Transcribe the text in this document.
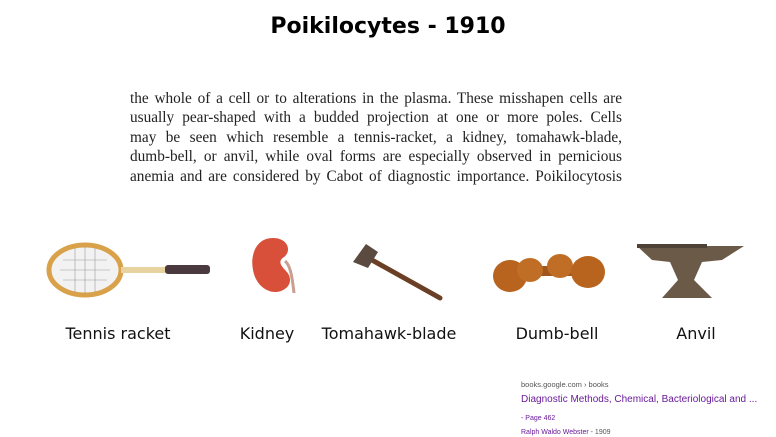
Poikilocytes - 1910
the whole of a cell or to alterations in the plasma. These misshapen cells are
usually pear-shaped with a budded projection at one or more poles. Cells
may be seen which resemble a tennis-racket, a kidney, tomahawk-blade,
dumb-bell, or anvil, while oval forms are especially observed in pernicious
anemia and are considered by Cabot of diagnostic importance. Poikilocytosis
Tennis racket	Kidney Tomahawk-blade	Dumb-bell	Anvil
books.google.com › books
Diagnostic Methods, Chemical, Bacteriological and ... - Page 462
Ralph Waldo Webster - 1909
